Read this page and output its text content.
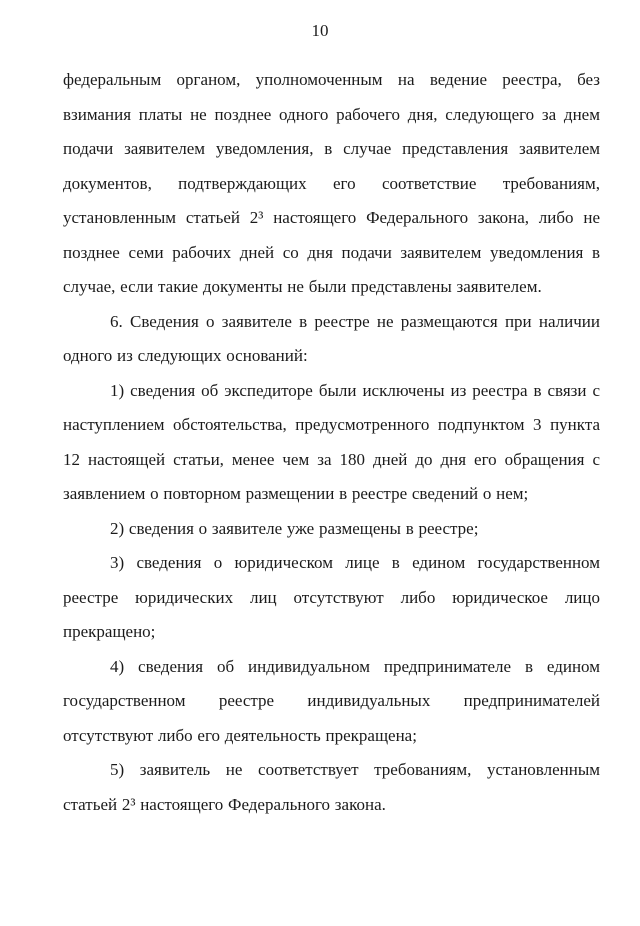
10

федеральным органом, уполномоченным на ведение реестра, без взимания платы не позднее одного рабочего дня, следующего за днем подачи заявителем уведомления, в случае представления заявителем документов, подтверждающих его соответствие требованиям, установленным статьей 2³ настоящего Федерального закона, либо не позднее семи рабочих дней со дня подачи заявителем уведомления в случае, если такие документы не были представлены заявителем.

6. Сведения о заявителе в реестре не размещаются при наличии одного из следующих оснований:

1) сведения об экспедиторе были исключены из реестра в связи с наступлением обстоятельства, предусмотренного подпунктом 3 пункта 12 настоящей статьи, менее чем за 180 дней до дня его обращения с заявлением о повторном размещении в реестре сведений о нем;

2) сведения о заявителе уже размещены в реестре;

3) сведения о юридическом лице в едином государственном реестре юридических лиц отсутствуют либо юридическое лицо прекращено;

4) сведения об индивидуальном предпринимателе в едином государственном реестре индивидуальных предпринимателей отсутствуют либо его деятельность прекращена;

5) заявитель не соответствует требованиям, установленным статьей 2³ настоящего Федерального закона.
